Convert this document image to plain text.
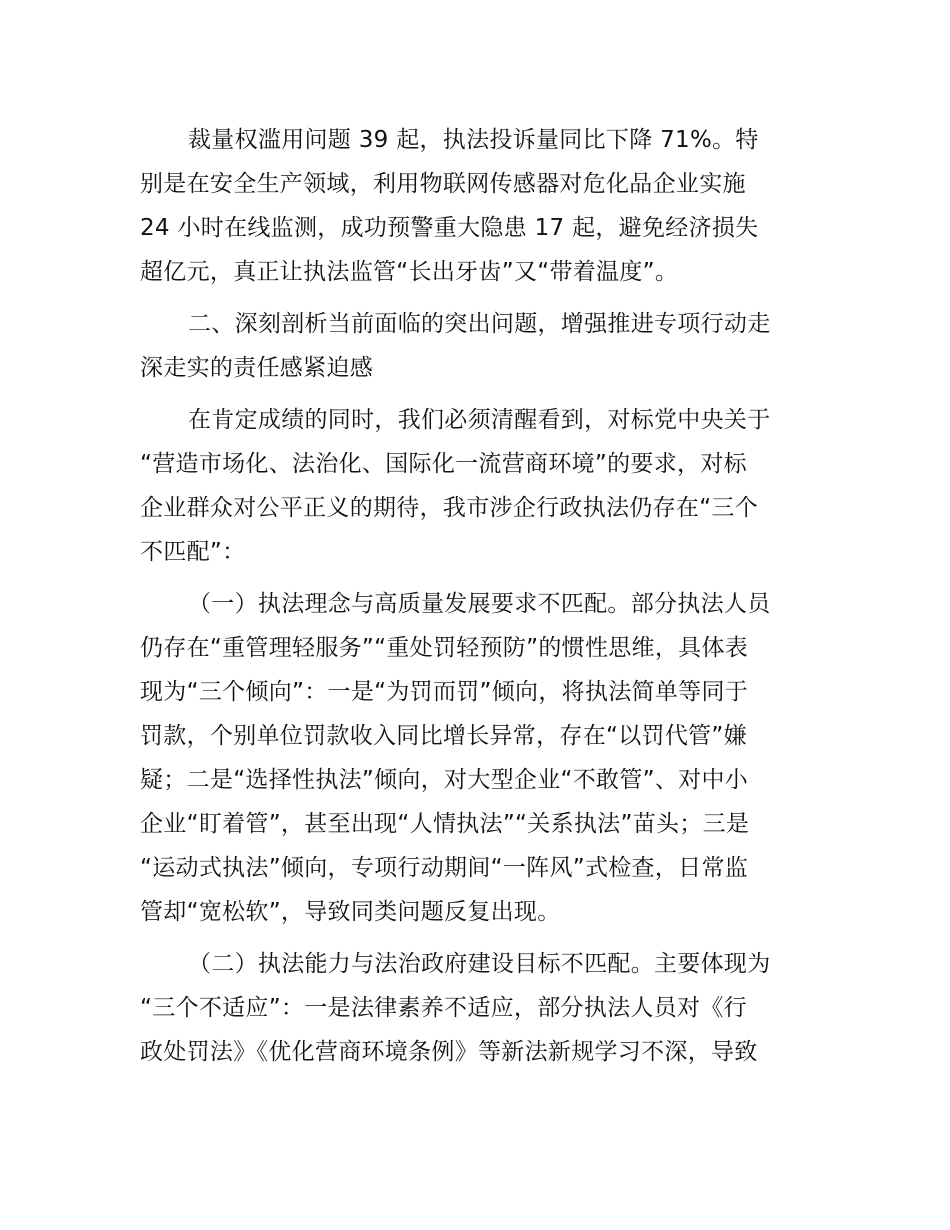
裁量权滥用问题 39 起，执法投诉量同比下降 71%。特
别是在安全生产领域，利用物联网传感器对危化品企业实施
24 小时在线监测，成功预警重大隐患 17 起，避免经济损失
超亿元，真正让执法监管“长出牙齿”又“带着温度”。

二、深刻剖析当前面临的突出问题，增强推进专项行动走
深走实的责任感紧迫感

在肯定成绩的同时，我们必须清醒看到，对标党中央关于
“营造市场化、法治化、国际化一流营商环境”的要求，对标
企业群众对公平正义的期待，我市涉企行政执法仍存在“三个
不匹配”：

（一）执法理念与高质量发展要求不匹配。部分执法人员
仍存在“重管理轻服务”“重处罚轻预防”的惯性思维，具体表
现为“三个倾向”：一是“为罚而罚”倾向，将执法简单等同于
罚款，个别单位罚款收入同比增长异常，存在“以罚代管”嫌
疑；二是“选择性执法”倾向，对大型企业“不敢管”、对中小
企业“盯着管”，甚至出现“人情执法”“关系执法”苗头；三是
“运动式执法”倾向，专项行动期间“一阵风”式检查，日常监
管却“宽松软”，导致同类问题反复出现。

（二）执法能力与法治政府建设目标不匹配。主要体现为
“三个不适应”：一是法律素养不适应，部分执法人员对《行
政处罚法》《优化营商环境条例》等新法新规学习不深，导致
